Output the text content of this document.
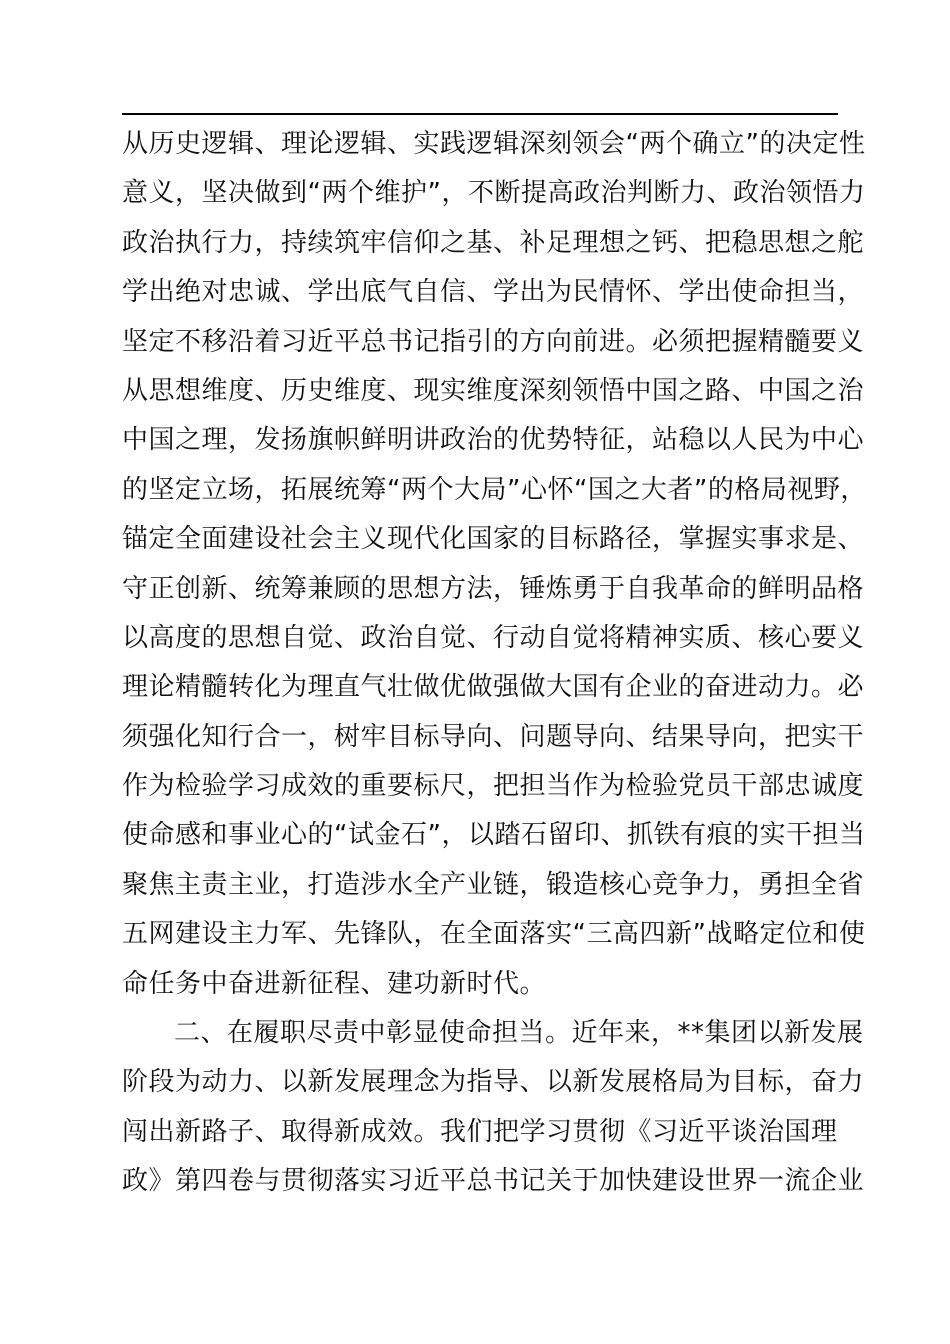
从历史逻辑、理论逻辑、实践逻辑深刻领会“两个确立”的决定性
意义，坚决做到“两个维护”，不断提高政治判断力、政治领悟力
政治执行力，持续筑牢信仰之基、补足理想之钙、把稳思想之舵
学出绝对忠诚、学出底气自信、学出为民情怀、学出使命担当，
坚定不移沿着习近平总书记指引的方向前进。必须把握精髓要义
从思想维度、历史维度、现实维度深刻领悟中国之路、中国之治
中国之理，发扬旗帜鲜明讲政治的优势特征，站稳以人民为中心
的坚定立场，拓展统筹“两个大局”心怀“国之大者”的格局视野，
锚定全面建设社会主义现代化国家的目标路径，掌握实事求是、
守正创新、统筹兼顾的思想方法，锤炼勇于自我革命的鲜明品格
以高度的思想自觉、政治自觉、行动自觉将精神实质、核心要义
理论精髓转化为理直气壮做优做强做大国有企业的奋进动力。必
须强化知行合一，树牢目标导向、问题导向、结果导向，把实干
作为检验学习成效的重要标尺，把担当作为检验党员干部忠诚度
使命感和事业心的“试金石”，以踏石留印、抓铁有痕的实干担当
聚焦主责主业，打造涉水全产业链，锻造核心竞争力，勇担全省
五网建设主力军、先锋队，在全面落实“三高四新”战略定位和使
命任务中奋进新征程、建功新时代。
二、在履职尽责中彰显使命担当。近年来，**集团以新发展
阶段为动力、以新发展理念为指导、以新发展格局为目标，奋力
闯出新路子、取得新成效。我们把学习贯彻《习近平谈治国理
政》第四卷与贯彻落实习近平总书记关于加快建设世界一流企业
